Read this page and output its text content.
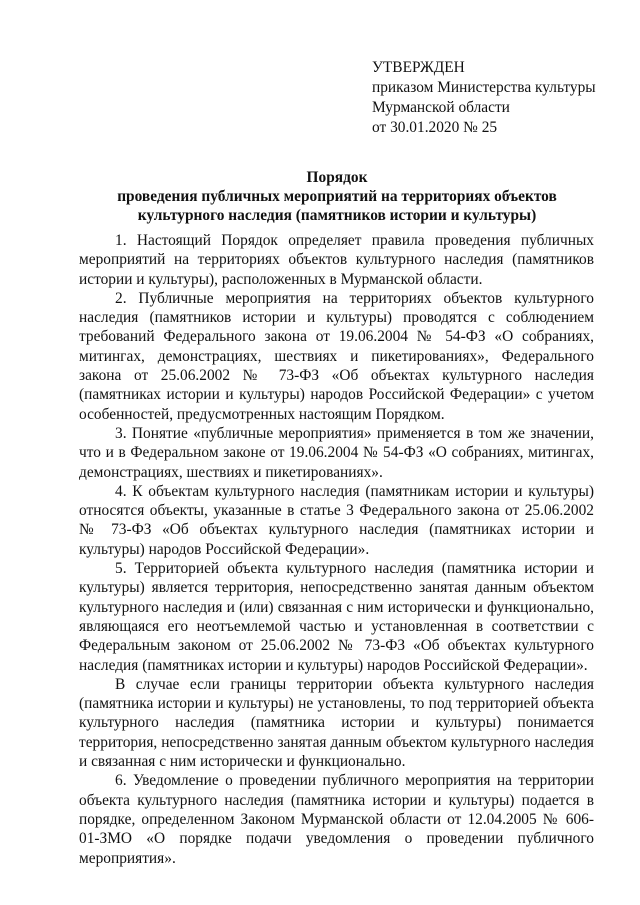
УТВЕРЖДЕН
приказом Министерства культуры
Мурманской области
от 30.01.2020 № 25
Порядок
проведения публичных мероприятий на территориях объектов
культурного наследия (памятников истории и культуры)

1. Настоящий Порядок определяет правила проведения публичных мероприятий на территориях объектов культурного наследия (памятников истории и культуры), расположенных в Мурманской области.

2. Публичные мероприятия на территориях объектов культурного наследия (памятников истории и культуры) проводятся с соблюдением требований Федерального закона от 19.06.2004 № 54-ФЗ «О собраниях, митингах, демонстрациях, шествиях и пикетированиях», Федерального закона от 25.06.2002 № 73-ФЗ «Об объектах культурного наследия (памятниках истории и культуры) народов Российской Федерации» с учетом особенностей, предусмотренных настоящим Порядком.

3. Понятие «публичные мероприятия» применяется в том же значении, что и в Федеральном законе от 19.06.2004 № 54-ФЗ «О собраниях, митингах, демонстрациях, шествиях и пикетированиях».

4. К объектам культурного наследия (памятникам истории и культуры) относятся объекты, указанные в статье 3 Федерального закона от 25.06.2002 № 73-ФЗ «Об объектах культурного наследия (памятниках истории и культуры) народов Российской Федерации».

5. Территорией объекта культурного наследия (памятника истории и культуры) является территория, непосредственно занятая данным объектом культурного наследия и (или) связанная с ним исторически и функционально, являющаяся его неотъемлемой частью и установленная в соответствии с Федеральным законом от 25.06.2002 № 73-ФЗ «Об объектах культурного наследия (памятниках истории и культуры) народов Российской Федерации».

В случае если границы территории объекта культурного наследия (памятника истории и культуры) не установлены, то под территорией объекта культурного наследия (памятника истории и культуры) понимается территория, непосредственно занятая данным объектом культурного наследия и связанная с ним исторически и функционально.

6. Уведомление о проведении публичного мероприятия на территории объекта культурного наследия (памятника истории и культуры) подается в порядке, определенном Законом Мурманской области от 12.04.2005 № 606-01-ЗМО «О порядке подачи уведомления о проведении публичного мероприятия».
